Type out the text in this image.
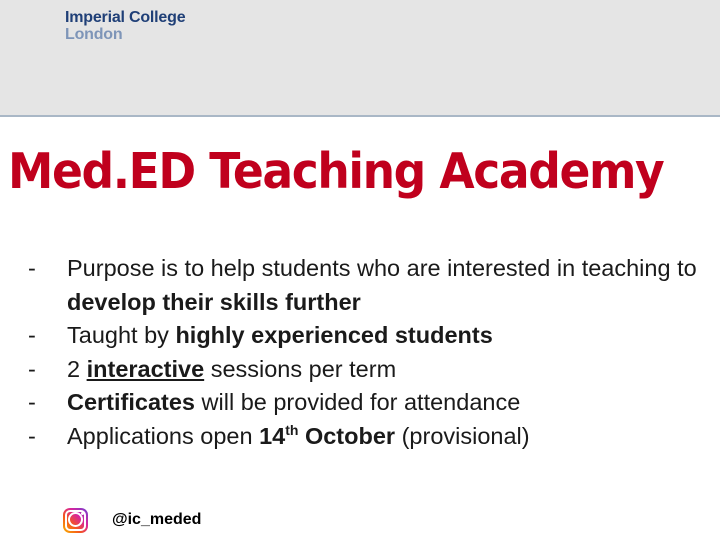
Imperial College
London
Med.ED Teaching Academy
- Purpose is to help students who are interested in teaching to develop their skills further
- Taught by highly experienced students
- 2 interactive sessions per term
- Certificates will be provided for attendance
- Applications open 14th October (provisional)
@ic_meded
